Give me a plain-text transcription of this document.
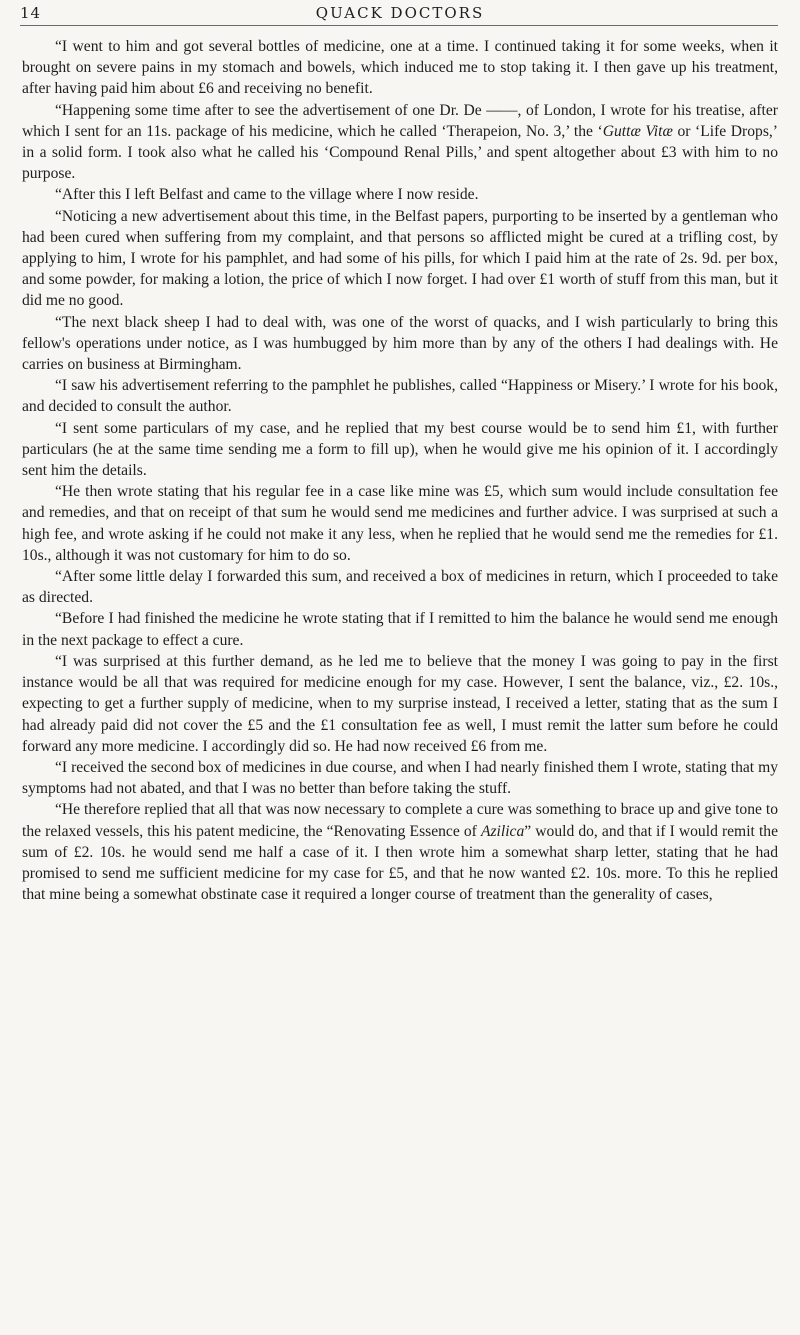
14	QUACK DOCTORS

“I went to him and got several bottles of medicine, one at a time. I continued taking it for some weeks, when it brought on severe pains in my stomach and bowels, which induced me to stop taking it. I then gave up his treatment, after having paid him about £6 and receiving no benefit.

“Happening some time after to see the advertisement of one Dr. De ——, of London, I wrote for his treatise, after which I sent for an 11s. package of his medicine, which he called ‘Therapeion, No. 3,’ the ‘Guttæ Vitæ or ‘Life Drops,’ in a solid form. I took also what he called his ‘Compound Renal Pills,’ and spent altogether about £3 with him to no purpose.

“After this I left Belfast and came to the village where I now reside.

“Noticing a new advertisement about this time, in the Belfast papers, purporting to be inserted by a gentleman who had been cured when suffering from my complaint, and that persons so afflicted might be cured at a trifling cost, by applying to him, I wrote for his pamphlet, and had some of his pills, for which I paid him at the rate of 2s. 9d. per box, and some powder, for making a lotion, the price of which I now forget. I had over £1 worth of stuff from this man, but it did me no good.

“The next black sheep I had to deal with, was one of the worst of quacks, and I wish particularly to bring this fellow's operations under notice, as I was humbugged by him more than by any of the others I had dealings with. He carries on business at Birmingham.

“I saw his advertisement referring to the pamphlet he publishes, called “Happiness or Misery.’ I wrote for his book, and decided to consult the author.

“I sent some particulars of my case, and he replied that my best course would be to send him £1, with further particulars (he at the same time sending me a form to fill up), when he would give me his opinion of it. I accordingly sent him the details.

“He then wrote stating that his regular fee in a case like mine was £5, which sum would include consultation fee and remedies, and that on receipt of that sum he would send me medicines and further advice. I was surprised at such a high fee, and wrote asking if he could not make it any less, when he replied that he would send me the remedies for £1. 10s., although it was not customary for him to do so.

“After some little delay I forwarded this sum, and received a box of medicines in return, which I proceeded to take as directed.

“Before I had finished the medicine he wrote stating that if I remitted to him the balance he would send me enough in the next package to effect a cure.

“I was surprised at this further demand, as he led me to believe that the money I was going to pay in the first instance would be all that was required for medicine enough for my case. However, I sent the balance, viz., £2. 10s., expecting to get a further supply of medicine, when to my surprise instead, I received a letter, stating that as the sum I had already paid did not cover the £5 and the £1 consultation fee as well, I must remit the latter sum before he could forward any more medicine. I accordingly did so. He had now received £6 from me.

“I received the second box of medicines in due course, and when I had nearly finished them I wrote, stating that my symptoms had not abated, and that I was no better than before taking the stuff.

“He therefore replied that all that was now necessary to complete a cure was something to brace up and give tone to the relaxed vessels, this his patent medicine, the “Renovating Essence of Azilica” would do, and that if I would remit the sum of £2. 10s. he would send me half a case of it. I then wrote him a somewhat sharp letter, stating that he had promised to send me sufficient medicine for my case for £5, and that he now wanted £2. 10s. more. To this he replied that mine being a somewhat obstinate case it required a longer course of treatment than the generality of cases,
